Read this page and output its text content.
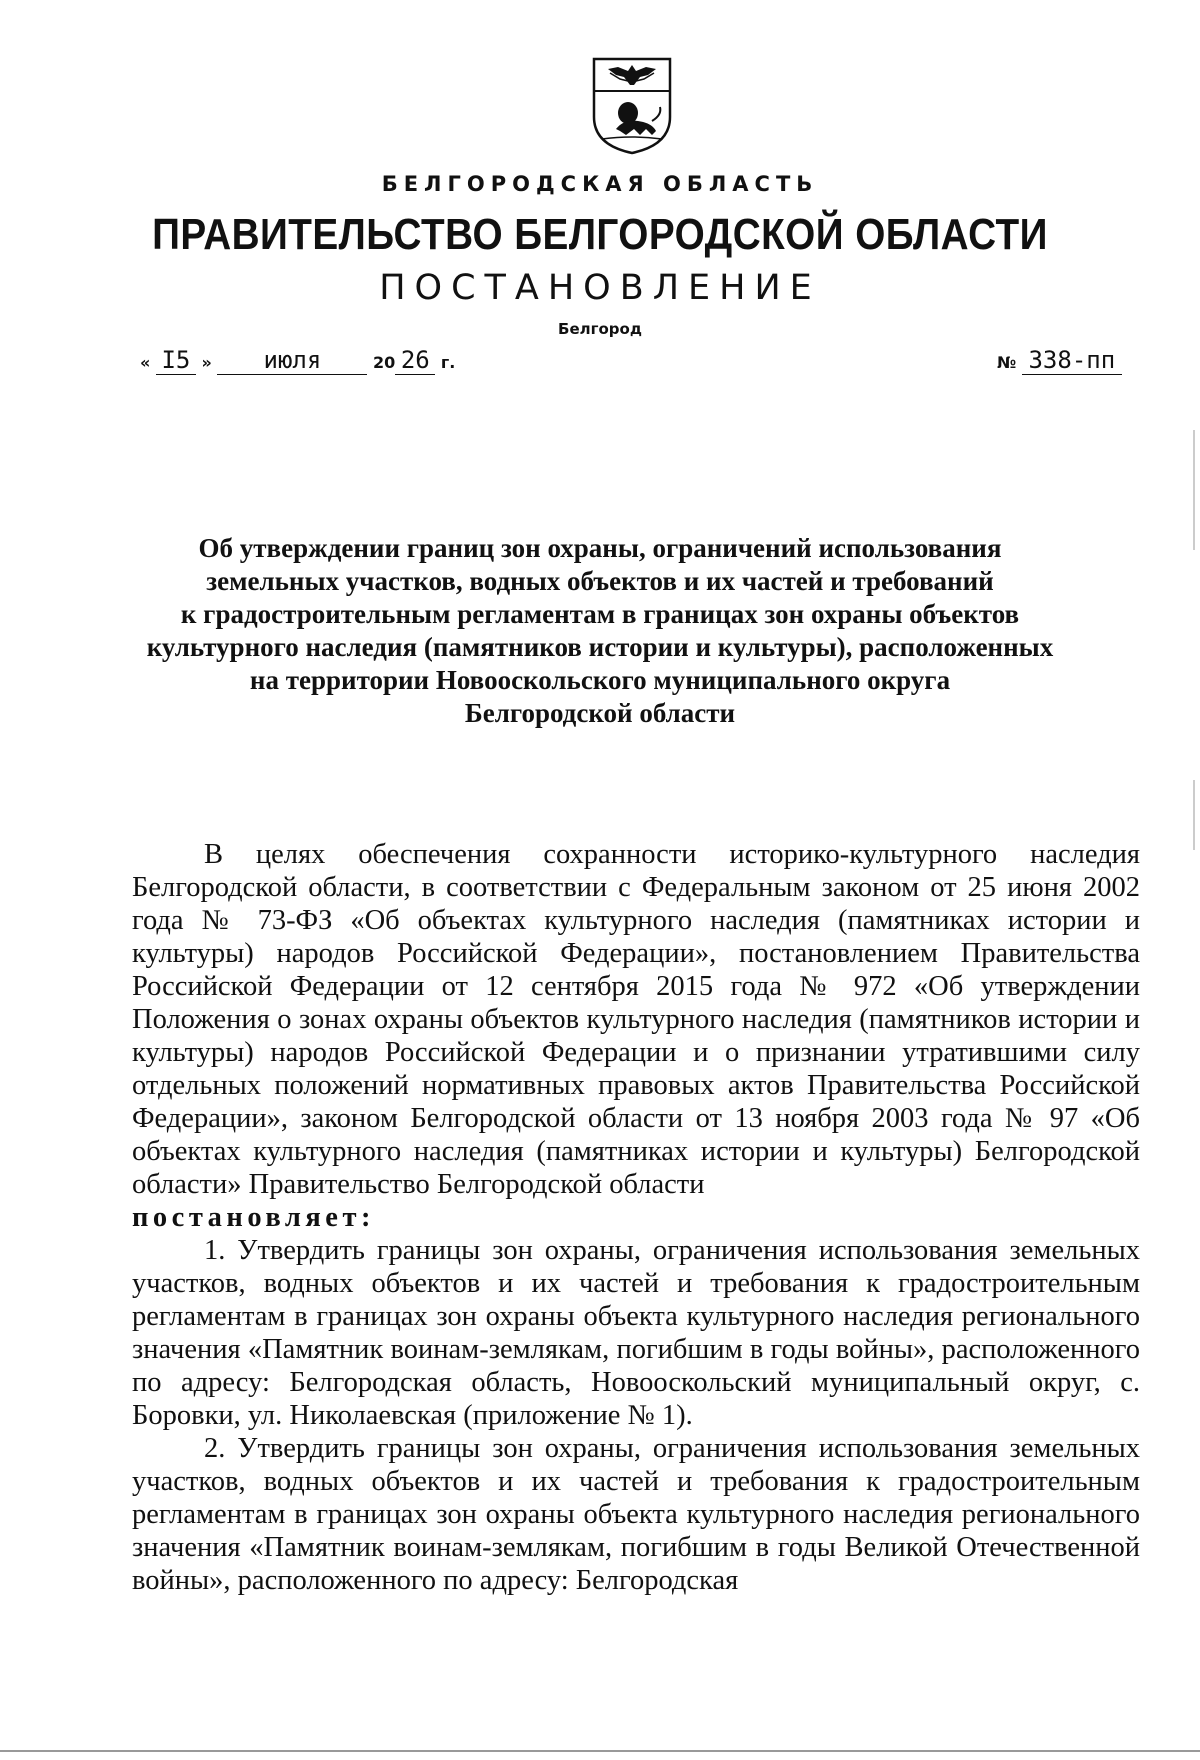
БЕЛГОРОДСКАЯ ОБЛАСТЬ
ПРАВИТЕЛЬСТВО БЕЛГОРОДСКОЙ ОБЛАСТИ
ПОСТАНОВЛЕНИЕ
Белгород
« I5 » июля	20 26 г.	№ 338-пп
Об утверждении границ зон охраны, ограничений использования
земельных участков, водных объектов и их частей и требований
к градостроительным регламентам в границах зон охраны объектов
культурного наследия (памятников истории и культуры), расположенных
на территории Новооскольского муниципального округа
Белгородской области

В целях обеспечения сохранности историко-культурного наследия Белгородской области, в соответствии с Федеральным законом от 25 июня 2002 года № 73-ФЗ «Об объектах культурного наследия (памятниках истории и культуры) народов Российской Федерации», постановлением Правительства Российской Федерации от 12 сентября 2015 года № 972 «Об утверждении Положения о зонах охраны объектов культурного наследия (памятников истории и культуры) народов Российской Федерации и о признании утратившими силу отдельных положений нормативных правовых актов Правительства Российской Федерации», законом Белгородской области от 13 ноября 2003 года № 97 «Об объектах культурного наследия (памятниках истории и культуры) Белгородской области» Правительство Белгородской области

постановляет:

1. Утвердить границы зон охраны, ограничения использования земельных участков, водных объектов и их частей и требования к градостроительным регламентам в границах зон охраны объекта культурного наследия регионального значения «Памятник воинам-землякам, погибшим в годы войны», расположенного по адресу: Белгородская область, Новооскольский муниципальный округ, с. Боровки, ул. Николаевская (приложение № 1).

2. Утвердить границы зон охраны, ограничения использования земельных участков, водных объектов и их частей и требования к градостроительным регламентам в границах зон охраны объекта культурного наследия регионального значения «Памятник воинам-землякам, погибшим в годы Великой Отечественной войны», расположенного по адресу: Белгородская
